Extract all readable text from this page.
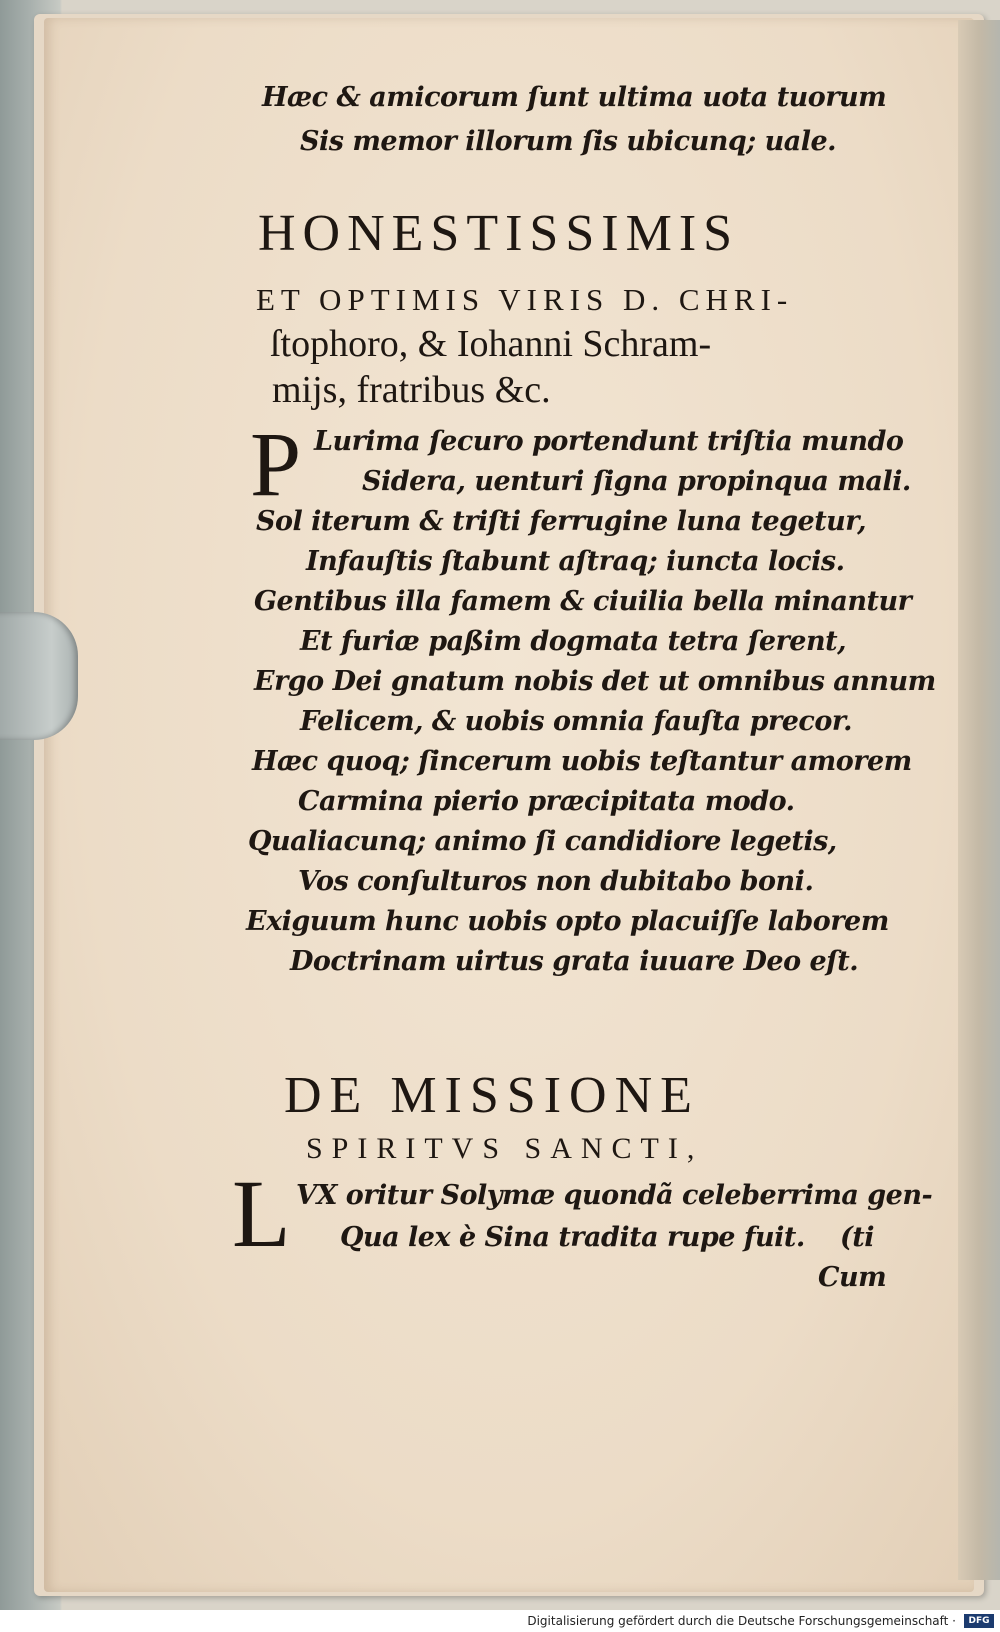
Hæc & amicorum ſunt ultima uota tuorum
Sis memor illorum ſis ubicunq; uale.
HONESTISSIMIS
ET OPTIMIS VIRIS D. CHRI-
ſtophoro, & Iohanni Schram-
mijs, fratribus &c.
P Lurima ſecuro portendunt triſtia mundo
Sidera, uenturi ſigna propinqua mali.
Sol iterum & triſti ferrugine luna tegetur,
Infauſtis ſtabunt aſtraq; iuncta locis.
Gentibus illa famem & ciuilia bella minantur
Et furiæ paßim dogmata tetra ſerent,
Ergo Dei gnatum nobis det ut omnibus annum
Felicem, & uobis omnia fauſta precor.
Hæc quoq; ſincerum uobis teſtantur amorem
Carmina pierio præcipitata modo.
Qualiacunq; animo ſi candidiore legetis,
Vos conſulturos non dubitabo boni.
Exiguum hunc uobis opto placuiſſe laborem
Doctrinam uirtus grata iuuare Deo eſt.
DE MISSIONE
SPIRITVS SANCTI,
L VX oritur Solymæ quondã celeberrima gen-
Qua lex è Sina tradita rupe fuit. (ti
Cum
Digitalisierung gefördert durch die Deutsche Forschungsgemeinschaft ·	DFG
